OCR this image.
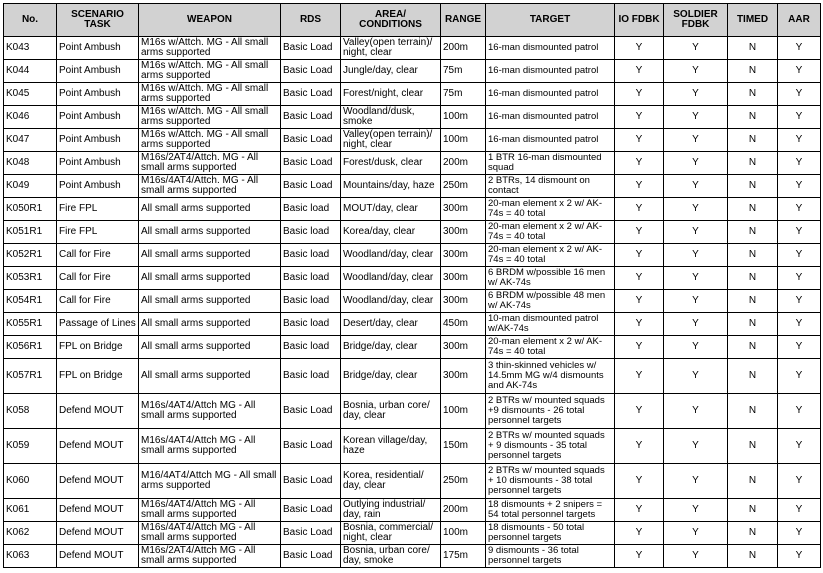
No.	SCENARIO TASK	WEAPON	RDS	AREA/ CONDITIONS	RANGE	TARGET	IO FDBK	SOLDIER FDBK	TIMED	AAR
K043	Point Ambush	M16s w/Attch. MG - All small arms supported	Basic Load	Valley(open terrain)/ night, clear	200m	16-man dismounted patrol	Y	Y	N	Y
K044	Point Ambush	M16s w/Attch. MG - All small arms supported	Basic Load	Jungle/day, clear	75m	16-man dismounted patrol	Y	Y	N	Y
K045	Point Ambush	M16s w/Attch. MG - All small arms supported	Basic Load	Forest/night, clear	75m	16-man dismounted patrol	Y	Y	N	Y
K046	Point Ambush	M16s w/Attch. MG - All small arms supported	Basic Load	Woodland/dusk, smoke	100m	16-man dismounted patrol	Y	Y	N	Y
K047	Point Ambush	M16s w/Attch. MG - All small arms supported	Basic Load	Valley(open terrain)/ night, clear	100m	16-man dismounted patrol	Y	Y	N	Y
K048	Point Ambush	M16s/2AT4/Attch. MG - All small arms supported	Basic Load	Forest/dusk, clear	200m	1 BTR 16-man dismounted squad	Y	Y	N	Y
K049	Point Ambush	M16s/4AT4/Attch. MG - All small arms supported	Basic Load	Mountains/day, haze	250m	2 BTRs, 14 dismount on contact	Y	Y	N	Y
K050R1	Fire FPL	All small arms supported	Basic load	MOUT/day, clear	300m	20-man element x 2 w/ AK-74s = 40 total	Y	Y	N	Y
K051R1	Fire FPL	All small arms supported	Basic load	Korea/day, clear	300m	20-man element x 2 w/ AK-74s = 40 total	Y	Y	N	Y
K052R1	Call for Fire	All small arms supported	Basic load	Woodland/day, clear	300m	20-man element x 2 w/ AK-74s = 40 total	Y	Y	N	Y
K053R1	Call for Fire	All small arms supported	Basic load	Woodland/day, clear	300m	6 BRDM w/possible 16 men w/ AK-74s	Y	Y	N	Y
K054R1	Call for Fire	All small arms supported	Basic load	Woodland/day, clear	300m	6 BRDM w/possible 48 men w/ AK-74s	Y	Y	N	Y
K055R1	Passage of Lines	All small arms supported	Basic load	Desert/day, clear	450m	10-man dismounted patrol w/AK-74s	Y	Y	N	Y
K056R1	FPL on Bridge	All small arms supported	Basic load	Bridge/day, clear	300m	20-man element x 2 w/ AK-74s = 40 total	Y	Y	N	Y
K057R1	FPL on Bridge	All small arms supported	Basic load	Bridge/day, clear	300m	3 thin-skinned vehicles w/ 14.5mm MG w/4 dismounts and AK-74s	Y	Y	N	Y
K058	Defend MOUT	M16s/4AT4/Attch MG - All small arms supported	Basic Load	Bosnia, urban core/ day, clear	100m	2 BTRs w/ mounted squads +9 dismounts - 26 total personnel targets	Y	Y	N	Y
K059	Defend MOUT	M16s/4AT4/Attch MG - All small arms supported	Basic Load	Korean village/day, haze	150m	2 BTRs w/ mounted squads + 9 dismounts - 35 total personnel targets	Y	Y	N	Y
K060	Defend MOUT	M16/4AT4/Attch MG - All small arms supported	Basic Load	Korea, residential/ day, clear	250m	2 BTRs w/ mounted squads + 10 dismounts - 38 total personnel targets	Y	Y	N	Y
K061	Defend MOUT	M16s/4AT4/Attch MG - All small arms supported	Basic Load	Outlying industrial/ day, rain	200m	18 dismounts + 2 snipers = 54 total personnel targets	Y	Y	N	Y
K062	Defend MOUT	M16s/4AT4/Attch MG - All small arms supported	Basic Load	Bosnia, commercial/ night, clear	100m	18 dismounts - 50 total personnel targets	Y	Y	N	Y
K063	Defend MOUT	M16s/2AT4/Attch MG - All small arms supported	Basic Load	Bosnia, urban core/ day, smoke	175m	9 dismounts - 36 total personnel targets	Y	Y	N	Y
